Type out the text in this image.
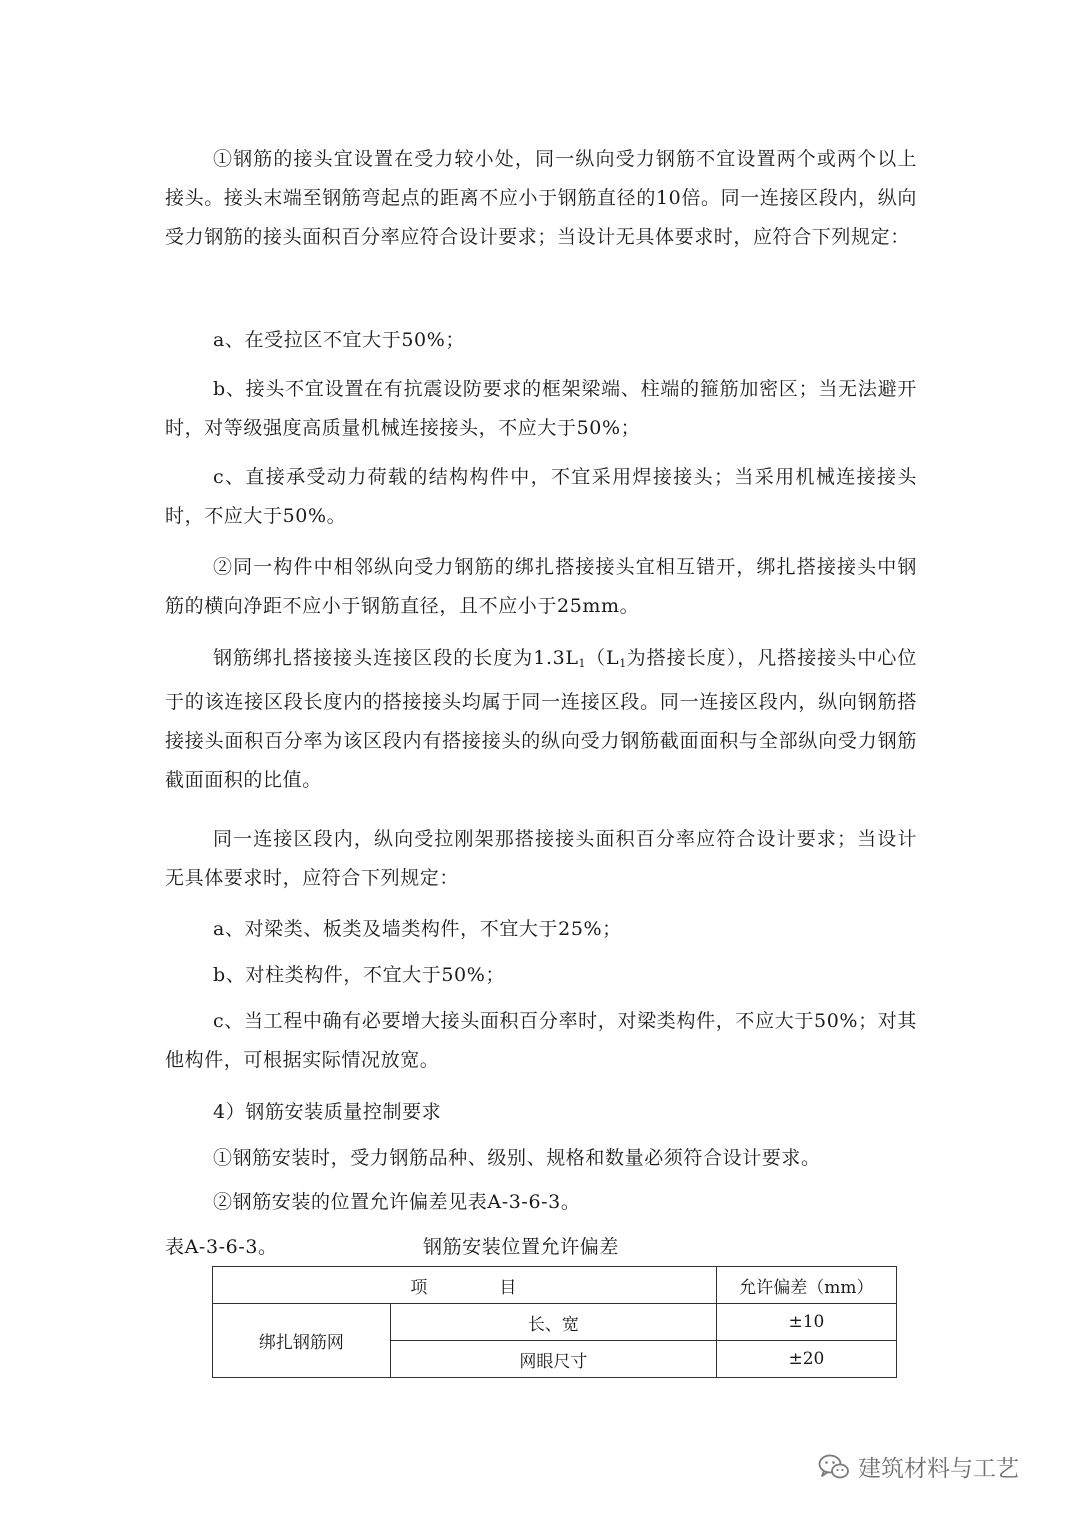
①钢筋的接头宜设置在受力较小处，同一纵向受力钢筋不宜设置两个或两个以上接头。接头末端至钢筋弯起点的距离不应小于钢筋直径的10倍。同一连接区段内，纵向受力钢筋的接头面积百分率应符合设计要求；当设计无具体要求时，应符合下列规定：

a、在受拉区不宜大于50%；

b、接头不宜设置在有抗震设防要求的框架梁端、柱端的箍筋加密区；当无法避开时，对等级强度高质量机械连接接头，不应大于50%；

c、直接承受动力荷载的结构构件中，不宜采用焊接接头；当采用机械连接接头时，不应大于50%。

②同一构件中相邻纵向受力钢筋的绑扎搭接接头宜相互错开，绑扎搭接接头中钢筋的横向净距不应小于钢筋直径，且不应小于25mm。

钢筋绑扎搭接接头连接区段的长度为$1.3L_1(L_1$为搭接长度），凡搭接接头中心位于的该连接区段长度内的搭接接头均属于同一连接区段。同一连接区段内，纵向钢筋搭接接头面积百分率为该区段内有搭接接头的纵向受力钢筋截面面积与全部纵向受力钢筋截面面积的比值。

同一连接区段内，纵向受拉刚架那搭接接头面积百分率应符合设计要求；当设计无具体要求时，应符合下列规定：

a、对梁类、板类及墙类构件，不宜大于25%；

b、对柱类构件，不宜大于50%；

c、当工程中确有必要增大接头面积百分率时，对梁类构件，不应大于50%；对其他构件，可根据实际情况放宽。

4）钢筋安装质量控制要求

①钢筋安装时，受力钢筋品种、级别、规格和数量必须符合设计要求。

②钢筋安装的位置允许偏差见表A-3-6-3。

表A-3-6-3。	钢筋安装位置允许偏差
项 目		允许偏差（mm）
绑扎钢筋网	长、宽	±10
	网眼尺寸	±20
建筑材料与工艺
